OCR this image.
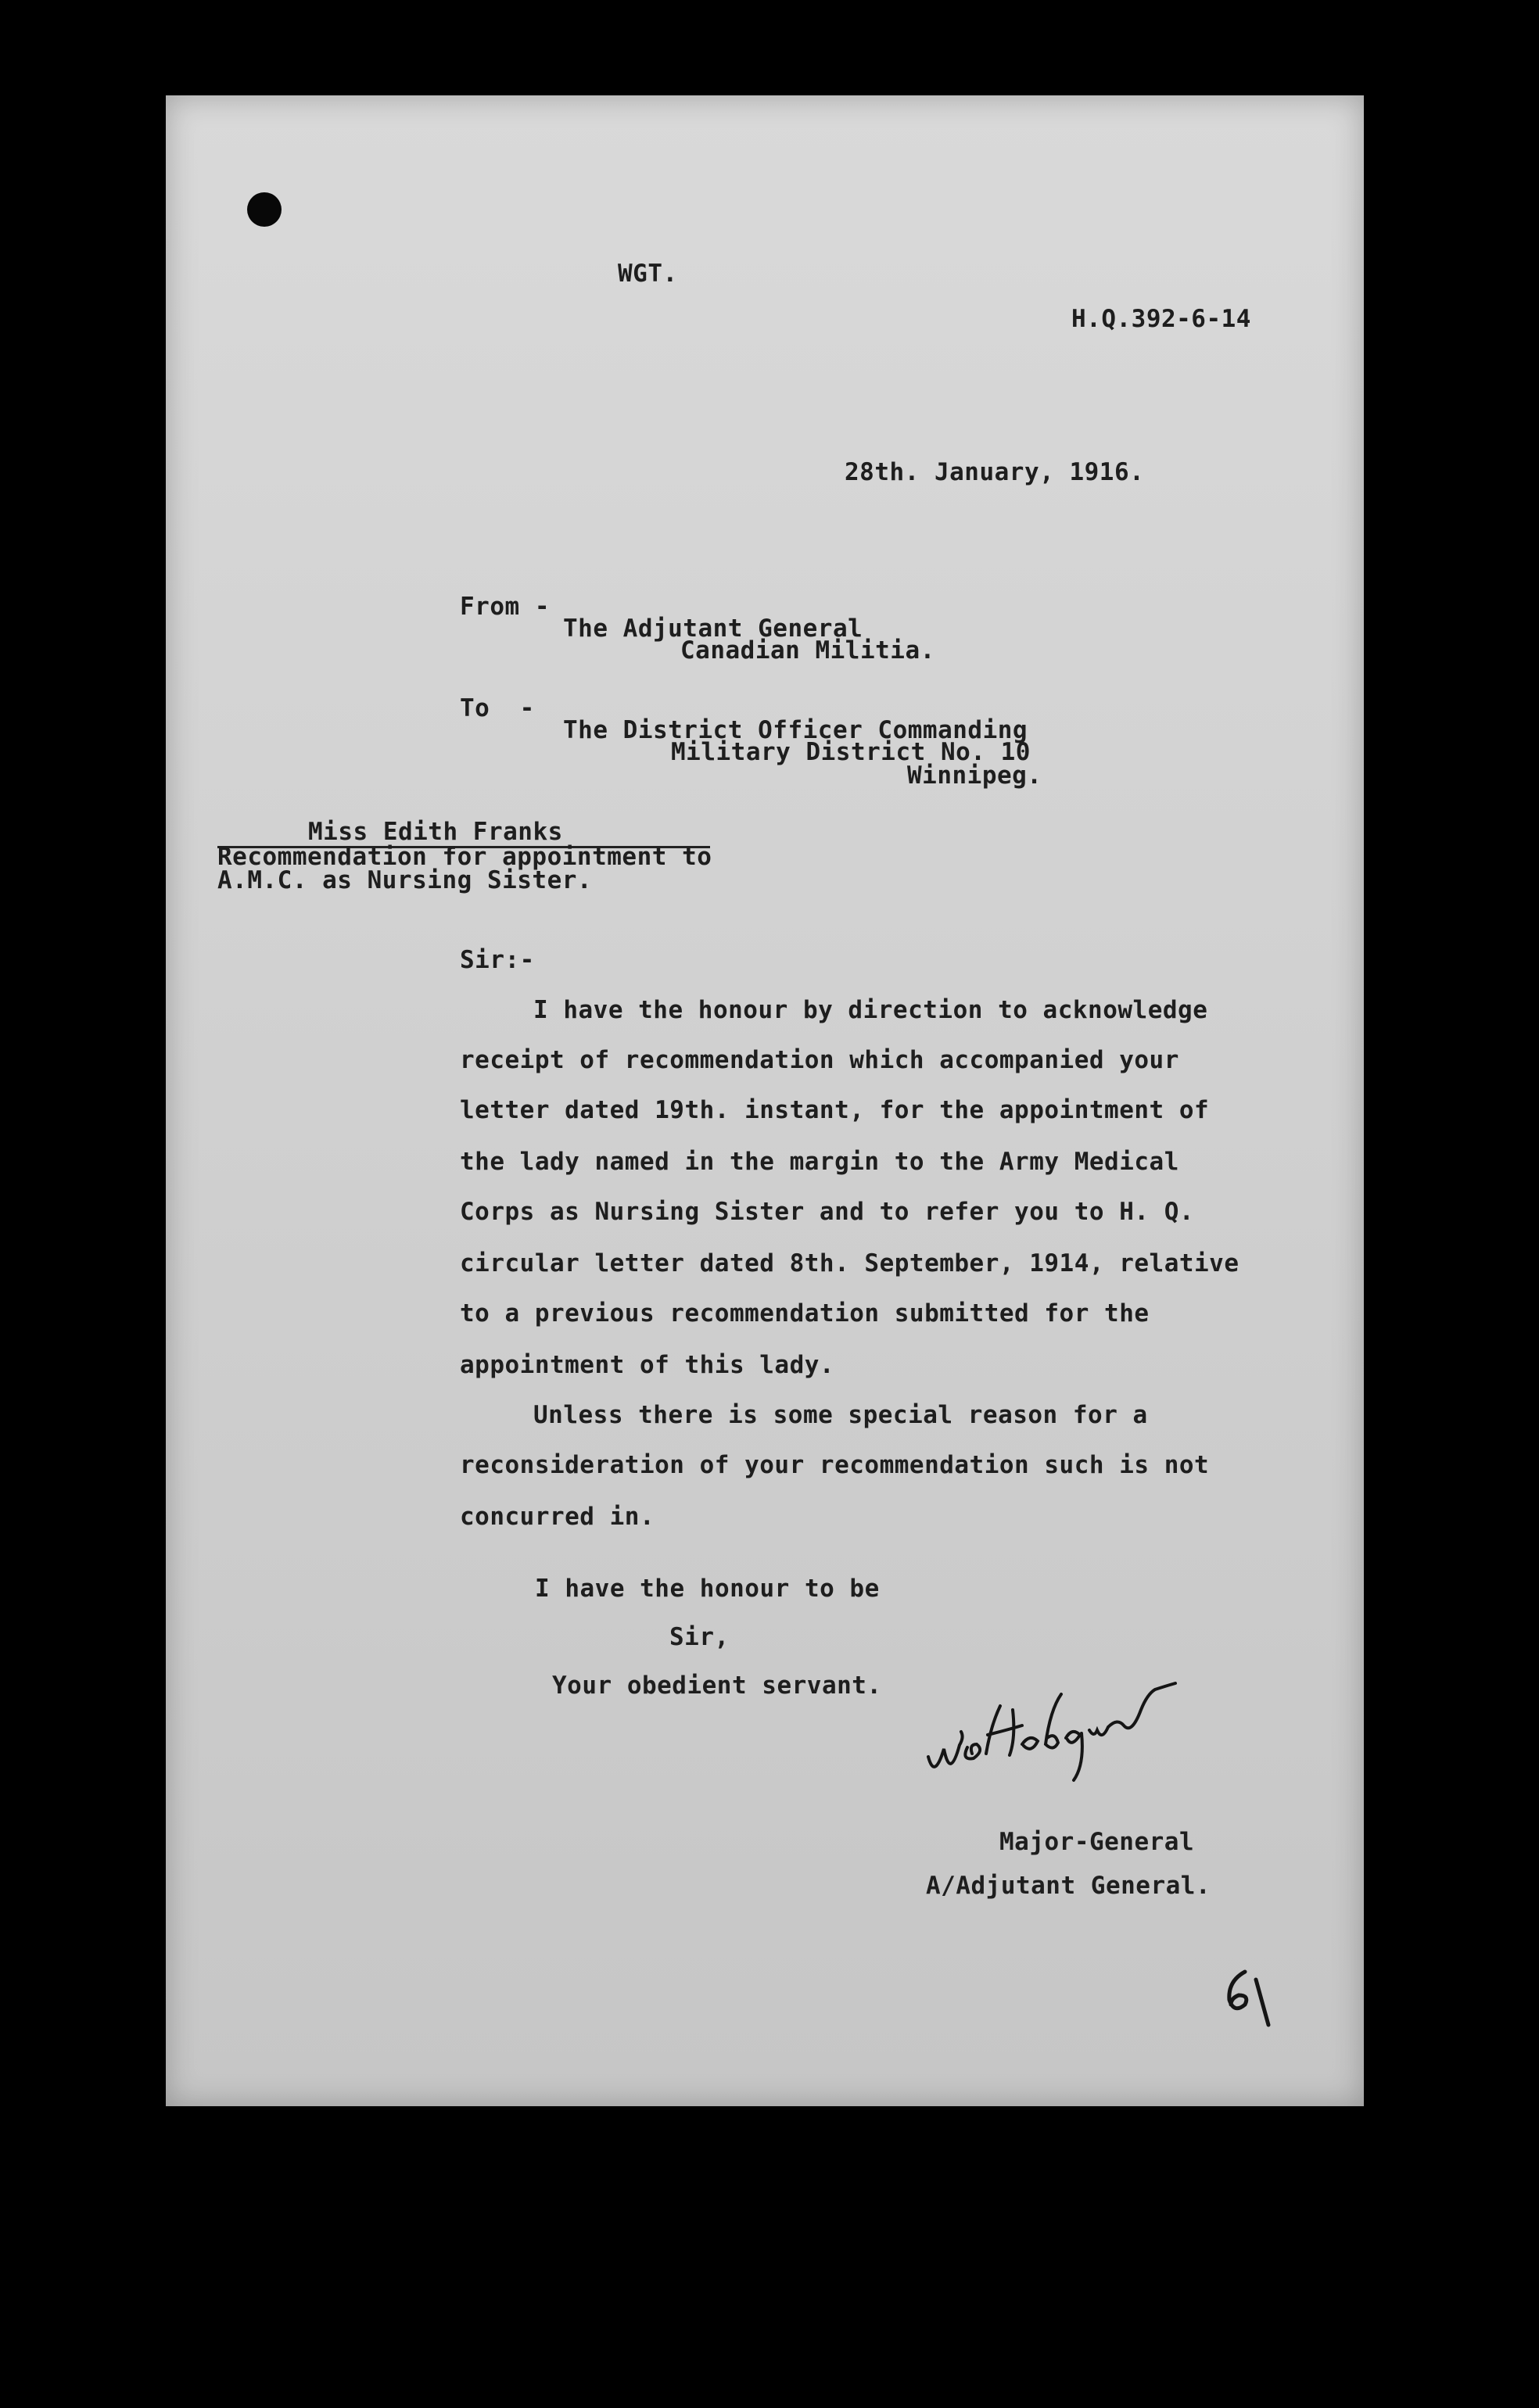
WGT.
H.Q.392-6-14
28th. January, 1916.
From -
The Adjutant General
Canadian Militia.
To  -
The District Officer Commanding
Military District No. 10
Winnipeg.
Miss Edith Franks
Recommendation for appointment to
A.M.C. as Nursing Sister.
Sir:-
I have the honour by direction to acknowledge
receipt of recommendation which accompanied your
letter dated 19th. instant, for the appointment of
the lady named in the margin to the Army Medical
Corps as Nursing Sister and to refer you to H. Q.
circular letter dated 8th. September, 1914, relative
to a previous recommendation submitted for the
appointment of this lady.
Unless there is some special reason for a
reconsideration of your recommendation such is not
concurred in.
I have the honour to be
Sir,
Your obedient servant.
Major-General
A/Adjutant General.
